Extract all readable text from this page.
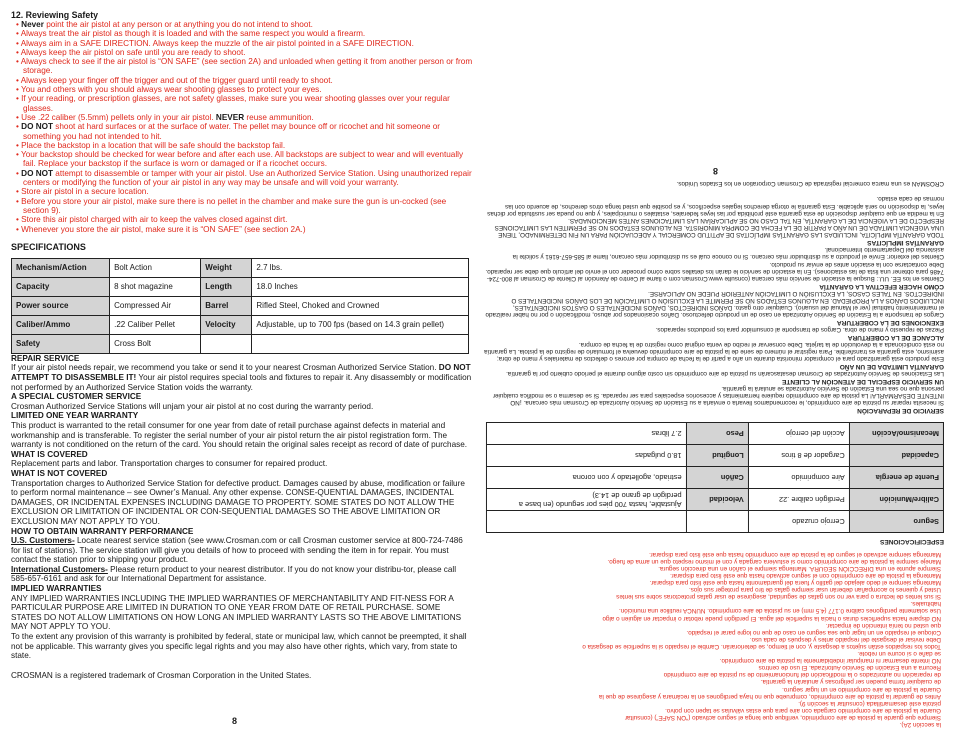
12. Reviewing Safety

• Never point the air pistol at any person or at anything you do not intend to shoot.

• Always treat the air pistol as though it is loaded and with the same respect you would a firearm.

• Always aim in a SAFE DIRECTION. Always keep the muzzle of the air pistol pointed in a SAFE DIRECTION.

• Always keep the air pistol on safe until you are ready to shoot.

• Always check to see if the air pistol is “ON SAFE” (see section 2A) and unloaded when getting it from another person or from storage.

• Always keep your finger off the trigger and out of the trigger guard until ready to shoot.

• You and others with you should always wear shooting glasses to protect your eyes.

• If your reading, or prescription glasses, are not safety glasses, make sure you wear shooting glasses over your regular glasses.

• Use .22 caliber (5.5mm) pellets only in your air pistol. NEVER reuse ammunition.

• DO NOT shoot at hard surfaces or at the surface of water. The pellet may bounce off or ricochet and hit someone or something you had not intended to hit.

• Place the backstop in a location that will be safe should the backstop fail.

• Your backstop should be checked for wear before and after each use. All backstops are subject to wear and will eventually fail. Replace your backstop if the surface is worn or damaged or if a ricochet occurs.

• DO NOT attempt to disassemble or tamper with your air pistol. Use an Authorized Service Station. Using unauthorized repair centers or modifying the function of your air pistol in any way may be unsafe and will void your warranty.

• Store air pistol in a secure location.

• Before you store your air pistol, make sure there is no pellet in the chamber and make sure the gun is un-cocked (see section 9).

• Store this air pistol charged with air to keep the valves closed against dirt.

• Whenever you store the air pistol, make sure it is “ON SAFE” (see section 2A.)

SPECIFICATIONS

Mechanism/Action	Bolt Action	Weight	2.7 lbs.
Capacity	8 shot magazine	Length	18.0 Inches
Power source	Compressed Air	Barrel	Rifled Steel, Choked and Crowned
Caliber/Ammo	.22 Caliber Pellet	Velocity	Adjustable, up to 700 fps (based on 14.3 grain pellet)
Safety	Cross Bolt		

REPAIR SERVICE

If your air pistol needs repair, we recommend you take or send it to your nearest Crosman Authorized Service Station. DO NOT ATTEMPT TO DISASSEMBLE IT! Your air pistol requires special tools and fixtures to repair it. Any disassembly or modification not performed by an Authorized Service Station voids the warranty.

A SPECIAL CUSTOMER SERVICE

Crosman Authorized Service Stations will unjam your air pistol at no cost during the warranty period.

LIMITED ONE YEAR WARRANTY

This product is warranted to the retail consumer for one year from date of retail purchase against defects in material and workmanship and is transferable. To register the serial number of your air pistol return the air pistol registration form. The warranty is not conditioned on the return of the card. You should retain the original sales receipt as record of date of purchase.

WHAT IS COVERED

Replacement parts and labor. Transportation charges to consumer for repaired product.

WHAT IS NOT COVERED

Transportation charges to Authorized Service Station for defective product. Damages caused by abuse, modification or failure to perform normal maintenance – see Owner’s Manual. Any other expense. CONSE-QUENTIAL DAMAGES, INCIDENTAL DAMAGES, OR INCIDENTAL EXPENSES INCLUDING DAMAGE TO PROPERTY. SOME STATES DO NOT ALLOW THE EXCLUSION OR LIMITATION OF INCIDENTAL OR CON-SEQUENTIAL DAMAGES SO THE ABOVE LIMITATION OR EXCLUSION MAY NOT APPLY TO YOU.

HOW TO OBTAIN WARRANTY PERFORMANCE

U.S. Customers- Locate nearest service station (see www.Crosman.com or call Crosman customer service at 800-724-7486 for list of stations). The service station will give you details of how to proceed with sending the item in for repair. You must contact the station prior to shipping your product.

International Customers- Please return product to your nearest distributor. If you do not know your distribu-tor, please call 585-657-6161 and ask for our International Department for assistance.

IMPLIED WARRANTIES

ANY IMPLIED WARRANTIES INCLUDING THE IMPLIED WARRANTIES OF MERCHANTABILITY AND FIT-NESS FOR A PARTICULAR PURPOSE ARE LIMITED IN DURATION TO ONE YEAR FROM DATE OF RETAIL PURCHASE. SOME STATES DO NOT ALLOW LIMITATIONS ON HOW LONG AN IMPLIED WARRANTY LASTS SO THE ABOVE LIMITATIONS MAY NOT APPLY TO YOU.

To the extent any provision of this warranty is prohibited by federal, state or municipal law, which cannot be preempted, it shall not be applicable. This warranty gives you specific legal rights and you may also have other rights, which vary, from state to state.

CROSMAN is a registered trademark of Crosman Corporation in the United States.

8	la sección 2A).

Siempre que guarde la pistola de aire comprimido, verifique que tenga el seguro activado (“ON SAFE”) (consultar

Guarde la pistola de aire comprimido cargada con aire para que estas válvulas se tapen con polvo.

pistola esté desamartillada (consultar la sección 9).

Antes de guardar la pistola de aire comprimido, compruebe que no haya perdigones en la recámara y asegúrese de que la

Guarde la pistola de aire comprimido en un lugar seguro.

de cualquier forma pueden ser peligrosas y anularán la garantía.

de reparación no autorizados o la modificación del funcionamiento de su pistola de aire comprimido

Recurra a una Estación de Servicio Autorizada. El uso de centros

NO intente desarmar ni manipular indebidamente la pistola de aire comprimido.

se dañe o si ocurre un rebote.

Todos los respaldos están sujetos a desgaste y, con el tiempo, se deteriorarán. Cambie el respaldo si la superficie se desgasta o

Debe revisar el desgaste del respaldo antes y después de cada uso.

Coloque el respaldo en un lugar que sea seguro en caso de que no logre parar el respaldo.

que usted no tenía intención de impactar.

NO dispare hacia superficies duras o hacia la superficie del agua. El perdigón puede rebotar o impactar en alguien o algo

Use solamente perdigones calibre 0.177 (4.5 mm) en su pistola de aire comprimido. NUNCA reutilice una munición.

habituales.

Si sus lentes de lectura o para ver no son gafas de seguridad, asegúrese de usar gafas protectoras sobre sus lentes

Usted y quienes lo acompañan deberán usar siempre gafas de tiro para proteger sus ojos.

Mantenga siempre el dedo alejado del gatillo y fuera del guardamonte hasta que esté listo para disparar.

Mantenga la pistola de aire comprimido con el seguro activado hasta que esté listo para disparar.

Siempre apunte en una DIRECCIÓN SEGURA. Mantenga siempre el cañón en una dirección segura.

Maneje siempre la pistola de aire comprimido como si estuviera cargada y con el mismo respeto que un arma de fuego.

Mantenga siempre activado el seguro de la pistola de aire comprimido hasta que esté listo para disparar.

ESPECIFICACIONES

Seguro	Cerrojo cruzado		
Calibre/Munición	Perdigón calibre .22	Velocidad	Ajustable, hasta 700 pies por segundo (en base a perdigón de grano de 14.3)
Fuente de energía	Aire comprimido	Cañón	estriado, agolletado y con corona
Capacidad	Cargador de 8 tiros	Longitud	18.0 pulgadas
Mecanismo/Acción	Acción del cerrojo	Peso	2.7 libras

SERVICIO DE REPARACIÓN

Si necesita reparar su pistola de aire comprimido, le recomendamos llevarla o enviarla a su Estación de Servicio Autorizada de Crosman más cercana. ¡NO INTENTE DESARMARLA! La pistola de aire comprimido requiere herramientas y accesorios especiales para ser reparada. Si se desarma o se modifica cualquier persona que no sea una Estación de Servicio Autorizada se anulará la garantía.

UN SERVICIO ESPECIAL DE ATENCIÓN AL CLIENTE

Las Estaciones de Servicio Autorizadas de Crosman desatascarán su pistola de aire comprimido sin costo alguno durante el período cubierto por la garantía.

GARANTÍA LIMITADA DE UN AÑO

Este producto está garantizado para el comprador minorista durante un año a partir de la fecha de compra por errores o defectos de materiales y mano de obra; asimismo, esta garantía es transferible. Para registrar el número de serie de la pistola de aire comprimido devuelva el formulario de registro de la pistola. La garantía no está condicionada a la devolución de la tarjeta. Debe conservar el recibo de venta original como registro de la fecha de compra.

ALCANCE DE LA COBERTURA

Piezas de repuesto y mano de obra. Cargos de transporte al consumidor para los productos reparados.

EXENCIONES DE LA COBERTURA

Cargos de transporte a la Estación de Servicio Autorizada en caso de un producto defectuoso. Daños ocasionados por abuso, modificación o por no haber realizado el mantenimiento habitual (ver el Manual del usuario). Cualquier otro gasto. DAÑOS INDIRECTOS, DAÑOS INCIDENTALES O GASTOS INCIDENTALES, INCLUIDOS DAÑOS A LA PROPIEDAD. EN ALGUNOS ESTADOS NO SE PERMITE LA EXCLUSIÓN O LIMITACIÓN DE LOS DAÑOS INCIDENTALES O INDIRECTOS. EN TALES CASOS, LA EXCLUSIÓN O LIMITACIÓN ANTERIOR PUEDE NO APLICARSE.

CÓMO HACER EFECTIVA LA GARANTÍA

Clientes en los EE. UU.: Busque la estación de servicio más cercana (consulte www.Crosman.com o llame al Centro de Atención al Cliente de Crosman al 800-724-7486 para obtener una lista de las estaciones). En la estación de servicio le darán los detalles sobre cómo proceder con el envío del artículo que debe ser reparado. Debe contactarse con la estación antes de enviar su producto.

Clientes del exterior: Envíe el producto a su distribuidor más cercano. Si no conoce cuál es su distribuidor más cercano, llame al 585-657-6161 y solicite la asistencia del Departamento Internacional.

GARANTÍAS IMPLÍCITAS

TODA GARANTÍA IMPLÍCITA, INCLUIDAS LAS GARANTÍAS IMPLÍCITAS DE APTITUD COMERCIAL Y ADECUACIÓN PARA UN FIN DETERMINADO, TIENE UNA VIGENCIA LIMITADA DE UN AÑO A PARTIR DE LA FECHA DE COMPRA MINORISTA. EN ALGUNOS ESTADOS NO SE PERMITEN LAS LIMITACIONES RESPECTO DE LA VIGENCIA DE LA GARANTÍA, EN TAL CASO NO SE APLICARÍAN LAS LIMITACIONES ANTES MENCIONADAS.

En la medida en que cualquier disposición de esta garantía esté prohibida por las leyes federales, estatales o municipales, y que no pueda ser sustituida por dichas leyes, la disposición no será aplicable. Esta garantía le otorga derechos legales específicos, y es posible que usted tenga otros derechos, de acuerdo con las normas de cada estado.

CROSMAN es una marca comercial registrada de Crosman Corporation en los Estados Unidos.

8
